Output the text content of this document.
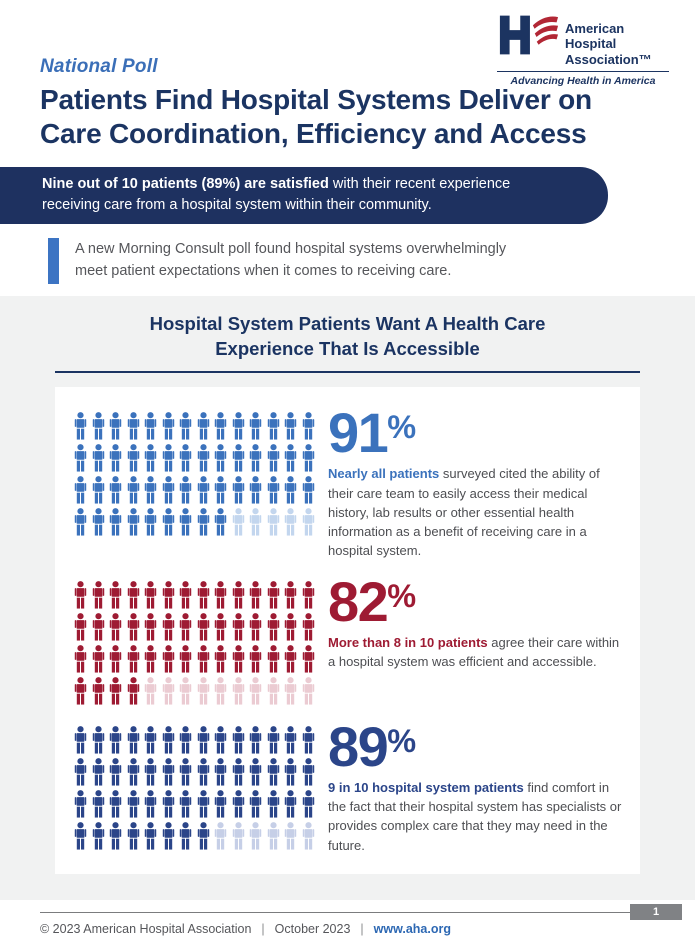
American Hospital
Association™
Advancing Health in America
National Poll
Patients Find Hospital Systems Deliver on
Care Coordination, Efficiency and Access
Nine out of 10 patients (89%) are satisfied with their recent experience receiving care from a hospital system within their community.
A new Morning Consult poll found hospital systems overwhelmingly
meet patient expectations when it comes to receiving care.
Hospital System Patients Want A Health Care
Experience That Is Accessible
91%
Nearly all patients surveyed cited the ability of their care team to easily access their medical history, lab results or other essential health information as a benefit of receiving care in a hospital system.
82%
More than 8 in 10 patients agree their care within a hospital system was efficient and accessible.
89%
9 in 10 hospital system patients find comfort in the fact that their hospital system has specialists or provides complex care that they may need in the future.
1
© 2023 American Hospital Association | October 2023 | www.aha.org
